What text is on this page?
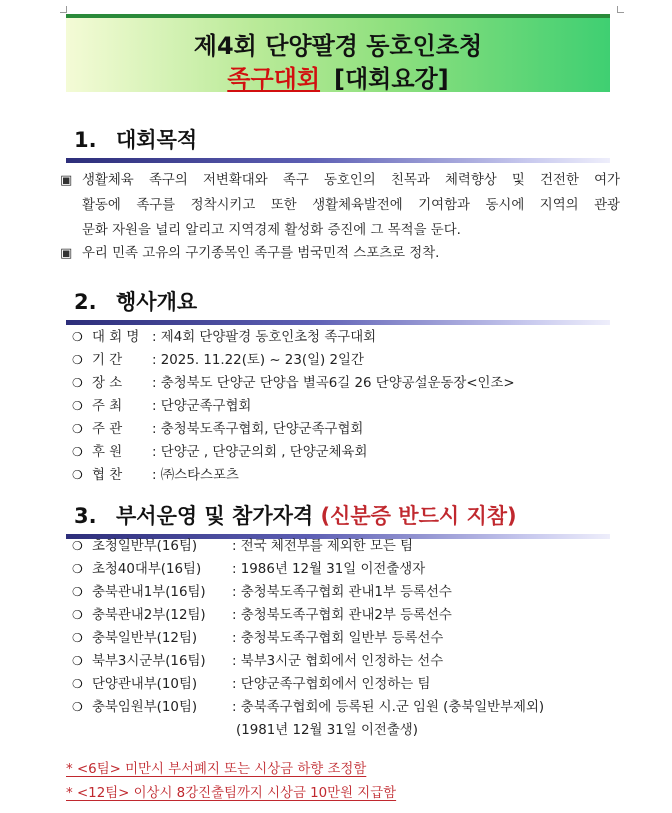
제4회 단양팔경 동호인초청
족구대회 [대회요강]
1. 대회목적
▣ 생활체육 족구의 저변확대와 족구 동호인의 친목과 체력향상 및 건전한 여가
활동에 족구를 정착시키고 또한 생활체육발전에 기여함과 동시에 지역의 관광
문화 자원을 널리 알리고 지역경제 활성화 증진에 그 목적을 둔다.
▣ 우리 민족 고유의 구기종목인 족구를 범국민적 스포츠로 정착.
2. 행사개요
❍ 대 회 명 : 제4회 단양팔경 동호인초청 족구대회
❍ 기 간 : 2025. 11.22(토) ~ 23(일) 2일간
❍ 장 소 : 충청북도 단양군 단양읍 별곡6길 26 단양공설운동장<인조>
❍ 주 최 : 단양군족구협회
❍ 주 관 : 충청북도족구협회, 단양군족구협회
❍ 후 원 : 단양군 , 단양군의회 , 단양군체육회
❍ 협 찬 : ㈜스타스포츠
3. 부서운영 및 참가자격 (신분증 반드시 지참)
❍ 초청일반부(16팀)	: 전국 체전부를 제외한 모든 팀
❍ 초청40대부(16팀) : 1986년 12월 31일 이전출생자
❍ 충북관내1부(16팀) : 충청북도족구협회 관내1부 등록선수
❍ 충북관내2부(12팀) : 충청북도족구협회 관내2부 등록선수
❍ 충북일반부(12팀)	: 충청북도족구협회 일반부 등록선수
❍ 북부3시군부(16팀) : 북부3시군 협회에서 인정하는 선수
❍ 단양관내부(10팀)	: 단양군족구협회에서 인정하는 팀
❍ 충북임원부(10팀)	: 충북족구협회에 등록된 시.군 임원 (충북일반부제외)
(1981년 12월 31일 이전출생)
* <6팀> 미만시 부서폐지 또는 시상금 하향 조정함
* <12팀> 이상시 8강진출팀까지 시상금 10만원 지급함
